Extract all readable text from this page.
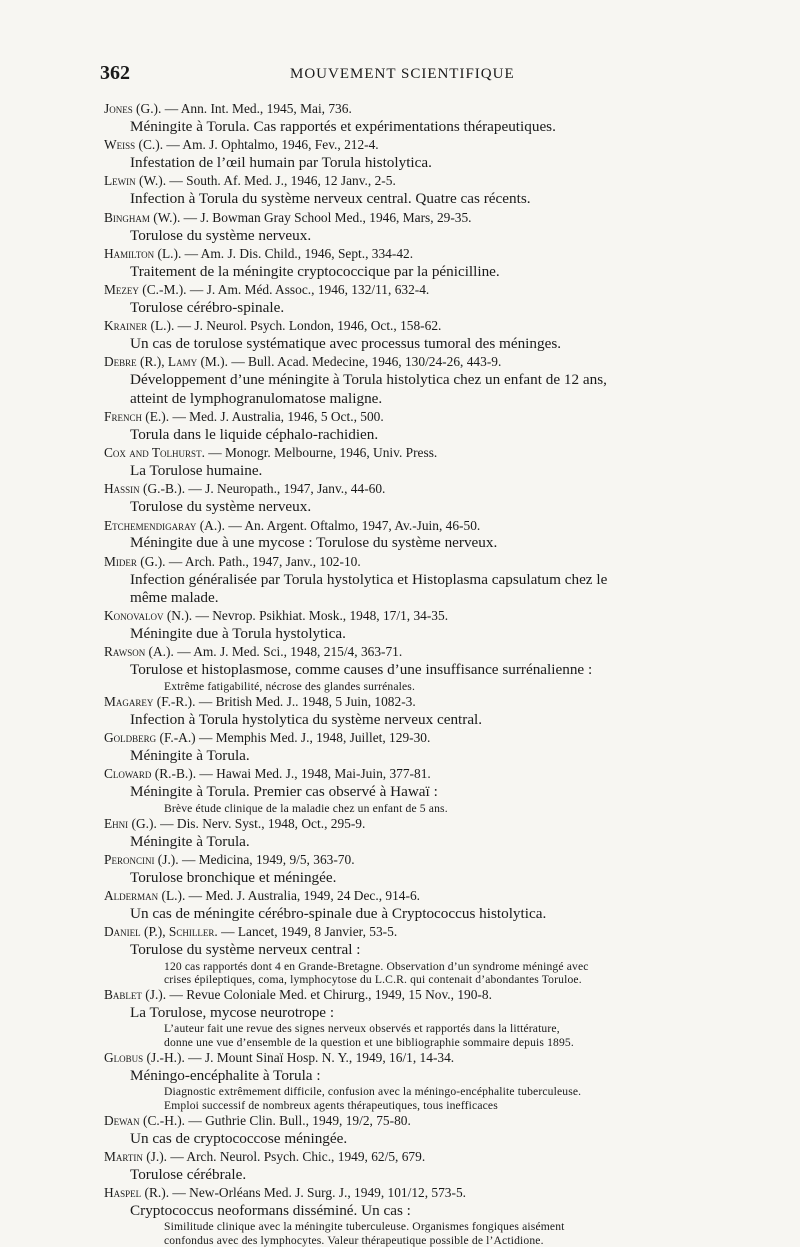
362	MOUVEMENT SCIENTIFIQUE
Jones (G.). — Ann. Int. Med., 1945, Mai, 736.
Méningite à Torula. Cas rapportés et expérimentations thérapeutiques.
Weiss (C.). — Am. J. Ophtalmo, 1946, Fev., 212-4.
Infestation de l’œil humain par Torula histolytica.
Lewin (W.). — South. Af. Med. J., 1946, 12 Janv., 2-5.
Infection à Torula du système nerveux central. Quatre cas récents.
Bingham (W.). — J. Bowman Gray School Med., 1946, Mars, 29-35.
Torulose du système nerveux.
Hamilton (L.). — Am. J. Dis. Child., 1946, Sept., 334-42.
Traitement de la méningite cryptococcique par la pénicilline.
Mezey (C.-M.). — J. Am. Méd. Assoc., 1946, 132/11, 632-4.
Torulose cérébro-spinale.
Krainer (L.). — J. Neurol. Psych. London, 1946, Oct., 158-62.
Un cas de torulose systématique avec processus tumoral des méninges.
Debre (R.), Lamy (M.). — Bull. Acad. Medecine, 1946, 130/24-26, 443-9.
Développement d’une méningite à Torula histolytica chez un enfant de 12 ans,
atteint de lymphogranulomatose maligne.
French (E.). — Med. J. Australia, 1946, 5 Oct., 500.
Torula dans le liquide céphalo-rachidien.
Cox and Tolhurst. — Monogr. Melbourne, 1946, Univ. Press.
La Torulose humaine.
Hassin (G.-B.). — J. Neuropath., 1947, Janv., 44-60.
Torulose du système nerveux.
Etchemendigaray (A.). — An. Argent. Oftalmo, 1947, Av.-Juin, 46-50.
Méningite due à une mycose : Torulose du système nerveux.
Mider (G.). — Arch. Path., 1947, Janv., 102-10.
Infection généralisée par Torula hystolytica et Histoplasma capsulatum chez le
même malade.
Konovalov (N.). — Nevrop. Psikhiat. Mosk., 1948, 17/1, 34-35.
Méningite due à Torula hystolytica.
Rawson (A.). — Am. J. Med. Sci., 1948, 215/4, 363-71.
Torulose et histoplasmose, comme causes d’une insuffisance surrénalienne :
Extrême fatigabilité, nécrose des glandes surrénales.
Magarey (F.-R.). — British Med. J.. 1948, 5 Juin, 1082-3.
Infection à Torula hystolytica du système nerveux central.
Goldberg (F.-A.) — Memphis Med. J., 1948, Juillet, 129-30.
Méningite à Torula.
Cloward (R.-B.). — Hawai Med. J., 1948, Mai-Juin, 377-81.
Méningite à Torula. Premier cas observé à Hawaï :
Brève étude clinique de la maladie chez un enfant de 5 ans.
Ehni (G.). — Dis. Nerv. Syst., 1948, Oct., 295-9.
Méningite à Torula.
Peroncini (J.). — Medicina, 1949, 9/5, 363-70.
Torulose bronchique et méningée.
Alderman (L.). — Med. J. Australia, 1949, 24 Dec., 914-6.
Un cas de méningite cérébro-spinale due à Cryptococcus histolytica.
Daniel (P.), Schiller. — Lancet, 1949, 8 Janvier, 53-5.
Torulose du système nerveux central :
120 cas rapportés dont 4 en Grande-Bretagne. Observation d’un syndrome méningé avec
crises épileptiques, coma, lymphocytose du L.C.R. qui contenait d’abondantes Toruloe.
Bablet (J.). — Revue Coloniale Med. et Chirurg., 1949, 15 Nov., 190-8.
La Torulose, mycose neurotrope :
L’auteur fait une revue des signes nerveux observés et rapportés dans la littérature,
donne une vue d’ensemble de la question et une bibliographie sommaire depuis 1895.
Globus (J.-H.). — J. Mount Sinaï Hosp. N. Y., 1949, 16/1, 14-34.
Méningo-encéphalite à Torula :
Diagnostic extrêmement difficile, confusion avec la méningo-encéphalite tuberculeuse.
Emploi successif de nombreux agents thérapeutiques, tous inefficaces
Dewan (C.-H.). — Guthrie Clin. Bull., 1949, 19/2, 75-80.
Un cas de cryptococcose méningée.
Martin (J.). — Arch. Neurol. Psych. Chic., 1949, 62/5, 679.
Torulose cérébrale.
Haspel (R.). — New-Orléans Med. J. Surg. J., 1949, 101/12, 573-5.
Cryptococcus neoformans disséminé. Un cas :
Similitude clinique avec la méningite tuberculeuse. Organismes fongiques aisément
confondus avec des lymphocytes. Valeur thérapeutique possible de l’Actidione.
